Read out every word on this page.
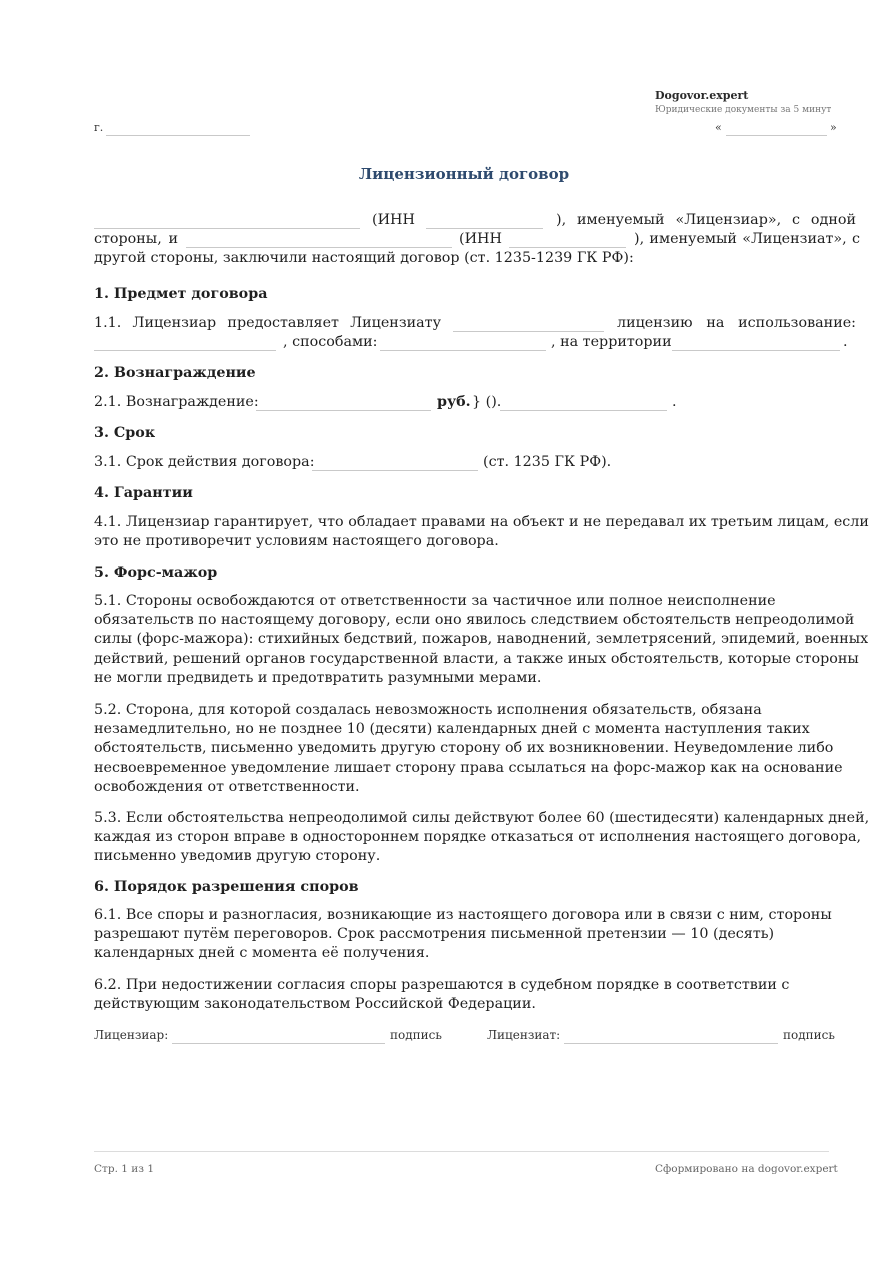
Dogovor.expert
Юридические документы за 5 минут
г.	«	»
Лицензионный договор
(ИНН	), именуемый «Лицензиар», с одной
стороны, и	(ИНН	), именуемый «Лицензиат», с
другой стороны, заключили настоящий договор (ст. 1235-1239 ГК РФ):
1. Предмет договора
1.1. Лицензиар предоставляет Лицензиату	лицензию на использование:
, способами:	, на территории	.
2. Вознаграждение
2.1. Вознаграждение:	руб. } ().	.
3. Срок
3.1. Срок действия договора:	(ст. 1235 ГК РФ).
4. Гарантии
4.1. Лицензиар гарантирует, что обладает правами на объект и не передавал их третьим лицам, если это не противоречит условиям настоящего договора.
5. Форс-мажор
5.1. Стороны освобождаются от ответственности за частичное или полное неисполнение обязательств по настоящему договору, если оно явилось следствием обстоятельств непреодолимой силы (форс-мажора): стихийных бедствий, пожаров, наводнений, землетрясений, эпидемий, военных действий, решений органов государственной власти, а также иных обстоятельств, которые стороны не могли предвидеть и предотвратить разумными мерами.
5.2. Сторона, для которой создалась невозможность исполнения обязательств, обязана незамедлительно, но не позднее 10 (десяти) календарных дней с момента наступления таких обстоятельств, письменно уведомить другую сторону об их возникновении. Неуведомление либо несвоевременное уведомление лишает сторону права ссылаться на форс-мажор как на основание освобождения от ответственности.
5.3. Если обстоятельства непреодолимой силы действуют более 60 (шестидесяти) календарных дней, каждая из сторон вправе в одностороннем порядке отказаться от исполнения настоящего договора, письменно уведомив другую сторону.
6. Порядок разрешения споров
6.1. Все споры и разногласия, возникающие из настоящего договора или в связи с ним, стороны разрешают путём переговоров. Срок рассмотрения письменной претензии — 10 (десять) календарных дней с момента её получения.
6.2. При недостижении согласия споры разрешаются в судебном порядке в соответствии с действующим законодательством Российской Федерации.
Лицензиар:	подпись	Лицензиат:	подпись
Стр. 1 из 1	Сформировано на dogovor.expert
